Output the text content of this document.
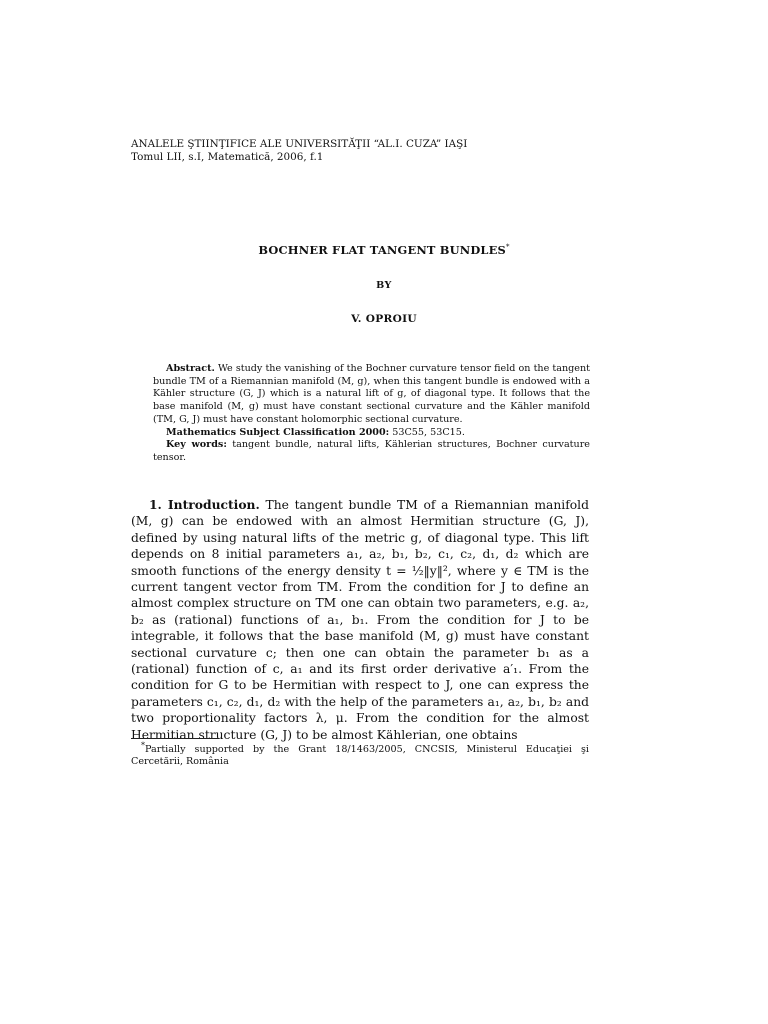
ANALELE ŞTIINŢIFICE ALE UNIVERSITĂŢII “AL.I. CUZA” IAŞI
Tomul LII, s.I, Matematică, 2006, f.1
BOCHNER FLAT TANGENT BUNDLES*
BY
V. OPROIU

Abstract. We study the vanishing of the Bochner curvature tensor field on the tangent bundle TM of a Riemannian manifold (M, g), when this tangent bundle is endowed with a Kähler structure (G, J) which is a natural lift of g, of diagonal type. It follows that the base manifold (M, g) must have constant sectional curvature and the Kähler manifold (TM, G, J) must have constant holomorphic sectional curvature.

Mathematics Subject Classification 2000: 53C55, 53C15.

Key words: tangent bundle, natural lifts, Kählerian structures, Bochner curvature tensor.

1. Introduction. The tangent bundle TM of a Riemannian manifold (M, g) can be endowed with an almost Hermitian structure (G, J), defined by using natural lifts of the metric g, of diagonal type. This lift depends on 8 initial parameters a₁, a₂, b₁, b₂, c₁, c₂, d₁, d₂ which are smooth functions of the energy density t = ½‖y‖², where y ∈ TM is the current tangent vector from TM. From the condition for J to define an almost complex structure on TM one can obtain two parameters, e.g. a₂, b₂ as (rational) functions of a₁, b₁. From the condition for J to be integrable, it follows that the base manifold (M, g) must have constant sectional curvature c; then one can obtain the parameter b₁ as a (rational) function of c, a₁ and its first order derivative a′₁. From the condition for G to be Hermitian with respect to J, one can express the parameters c₁, c₂, d₁, d₂ with the help of the parameters a₁, a₂, b₁, b₂ and two proportionality factors λ, μ. From the condition for the almost Hermitian structure (G, J) to be almost Kählerian, one obtains

*Partially supported by the Grant 18/1463/2005, CNCSIS, Ministerul Educaţiei şi Cercetării, România
